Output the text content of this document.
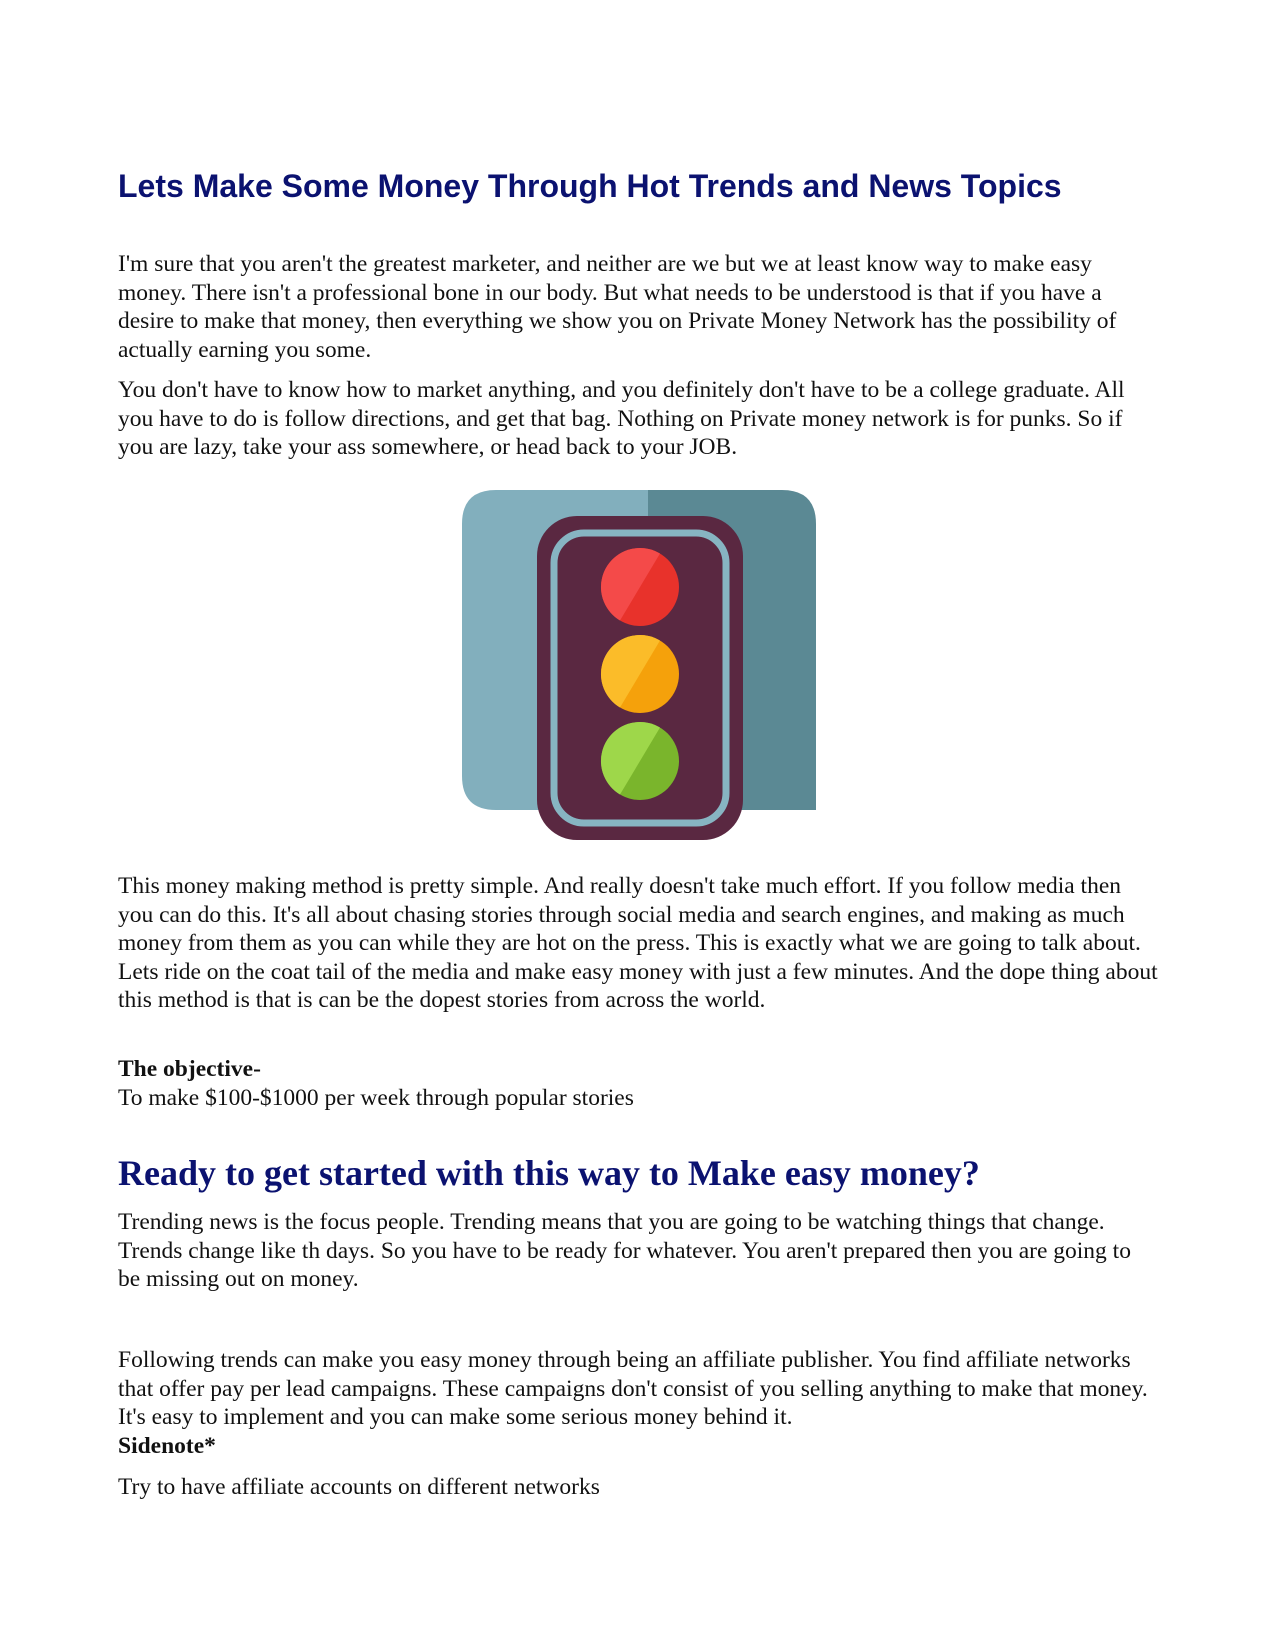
Lets Make Some Money Through Hot Trends and News Topics

I'm sure that you aren't the greatest marketer, and neither are we but we at least know way to make easy money. There isn't a professional bone in our body. But what needs to be understood is that if you have a desire to make that money, then everything we show you on Private Money Network has the possibility of actually earning you some.

You don't have to know how to market anything, and you definitely don't have to be a college graduate. All you have to do is follow directions, and get that bag. Nothing on Private money network is for punks. So if you are lazy, take your ass somewhere, or head back to your JOB.

This money making method is pretty simple. And really doesn't take much effort. If you follow media then you can do this. It's all about chasing stories through social media and search engines, and making as much money from them as you can while they are hot on the press. This is exactly what we are going to talk about. Lets ride on the coat tail of the media and make easy money with just a few minutes. And the dope thing about this method is that is can be the dopest stories from across the world.

The objective-

To make $100-$1000 per week through popular stories

Ready to get started with this way to Make easy money?

Trending news is the focus people. Trending means that you are going to be watching things that change. Trends change like th days. So you have to be ready for whatever. You aren't prepared then you are going to be missing out on money.

Following trends can make you easy money through being an affiliate publisher. You find affiliate networks that offer pay per lead campaigns. These campaigns don't consist of you selling anything to make that money. It's easy to implement and you can make some serious money behind it.

Sidenote*

Try to have affiliate accounts on different networks
